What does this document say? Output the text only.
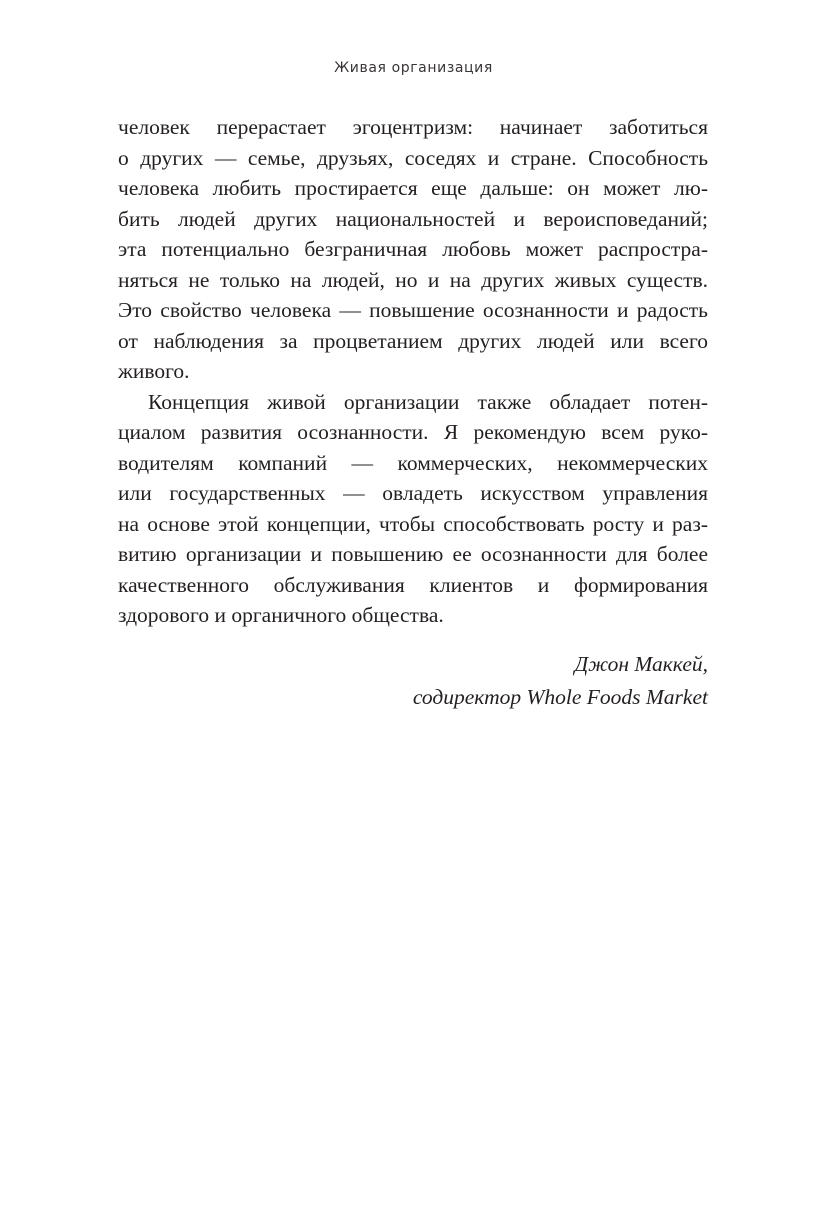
Живая организация
человек перерастает эгоцентризм: начинает заботиться
о других — семье, друзьях, соседях и стране. Способность
человека любить простирается еще дальше: он может лю-
бить людей других национальностей и вероисповеданий;
эта потенциально безграничная любовь может распростра-
няться не только на людей, но и на других живых существ.
Это свойство человека — повышение осознанности и радость
от наблюдения за процветанием других людей или всего
живого.
Концепция живой организации также обладает потен-
циалом развития осознанности. Я рекомендую всем руко-
водителям компаний — коммерческих, некоммерческих
или государственных — овладеть искусством управления
на основе этой концепции, чтобы способствовать росту и раз-
витию организации и повышению ее осознанности для более
качественного обслуживания клиентов и формирования
здорового и органичного общества.
Джон Маккей,
содиректор Whole Foods Market
